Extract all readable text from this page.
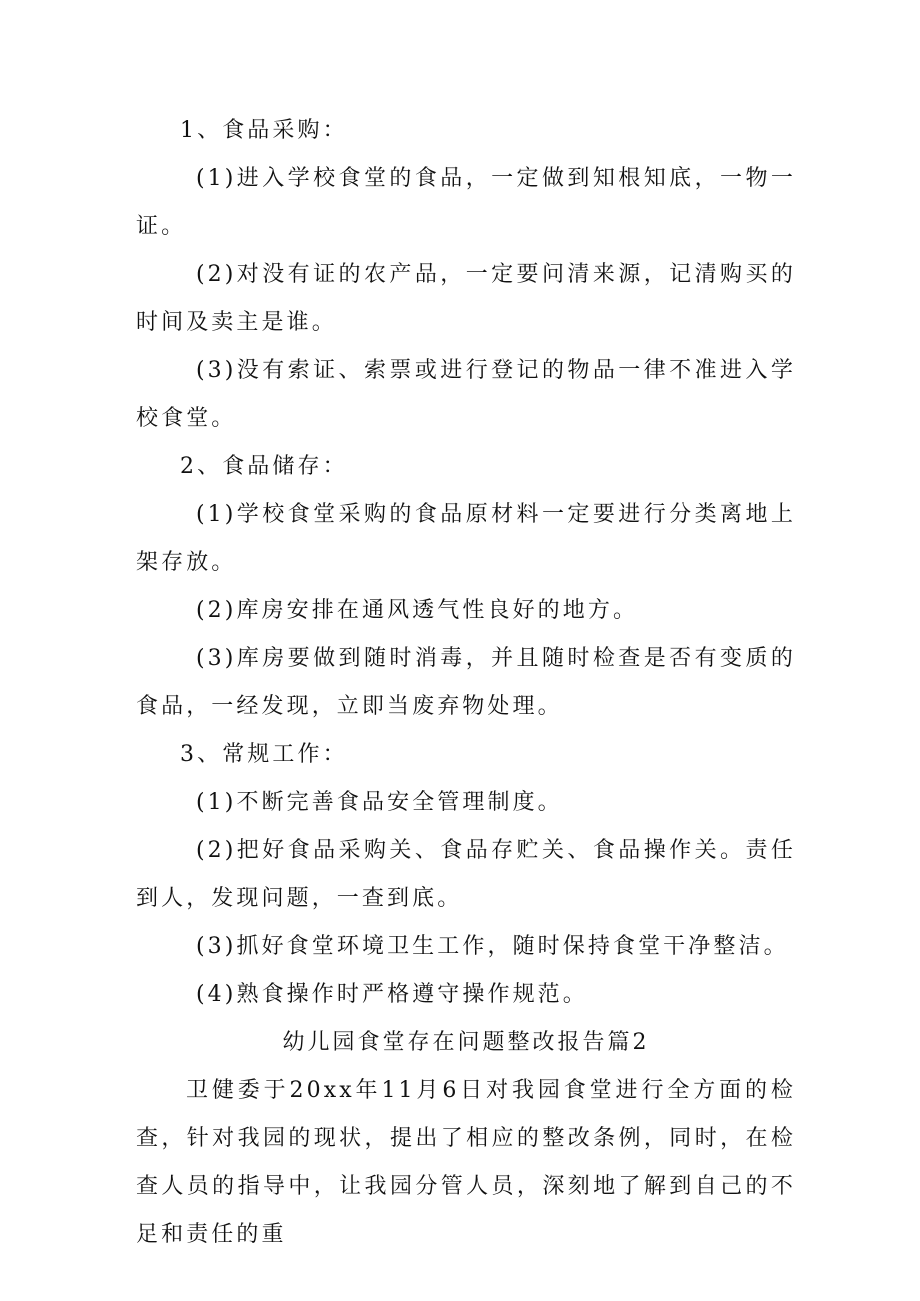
1、食品采购：

(1)进入学校食堂的食品，一定做到知根知底，一物一证。

(2)对没有证的农产品，一定要问清来源，记清购买的时间及卖主是谁。

(3)没有索证、索票或进行登记的物品一律不准进入学校食堂。

2、食品储存：

(1)学校食堂采购的食品原材料一定要进行分类离地上架存放。

(2)库房安排在通风透气性良好的地方。

(3)库房要做到随时消毒，并且随时检查是否有变质的食品，一经发现，立即当废弃物处理。

3、常规工作：

(1)不断完善食品安全管理制度。

(2)把好食品采购关、食品存贮关、食品操作关。责任到人，发现问题，一查到底。

(3)抓好食堂环境卫生工作，随时保持食堂干净整洁。

(4)熟食操作时严格遵守操作规范。

幼儿园食堂存在问题整改报告篇2

卫健委于20xx年11月6日对我园食堂进行全方面的检查，针对我园的现状，提出了相应的整改条例，同时，在检查人员的指导中，让我园分管人员，深刻地了解到自己的不足和责任的重
